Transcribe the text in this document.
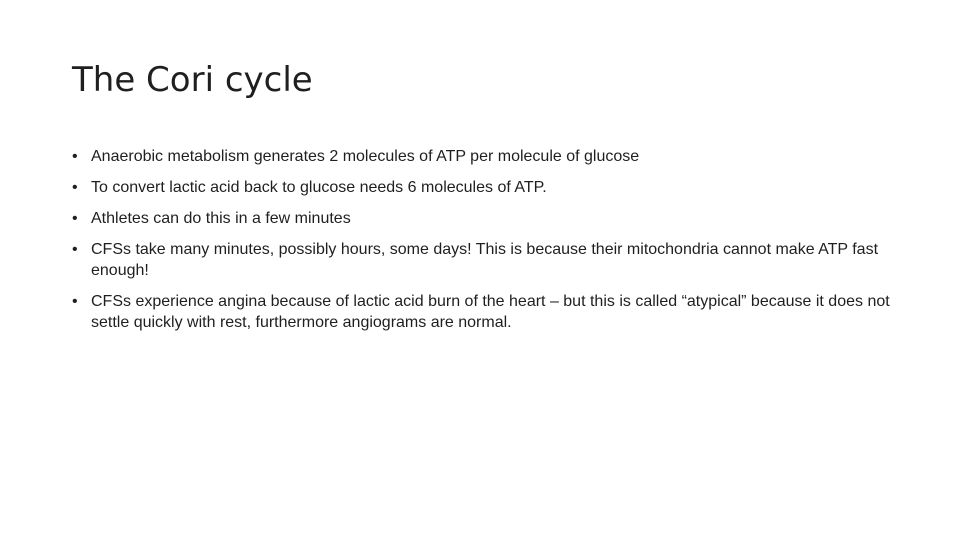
The Cori cycle
• Anaerobic metabolism generates 2 molecules of ATP per molecule of glucose
• To convert lactic acid back to glucose needs 6 molecules of ATP.
• Athletes can do this in a few minutes
• CFSs take many minutes, possibly hours, some days! This is because their mitochondria cannot make ATP fast enough!
• CFSs experience angina because of lactic acid burn of the heart – but this is called “atypical” because it does not settle quickly with rest, furthermore angiograms are normal.
